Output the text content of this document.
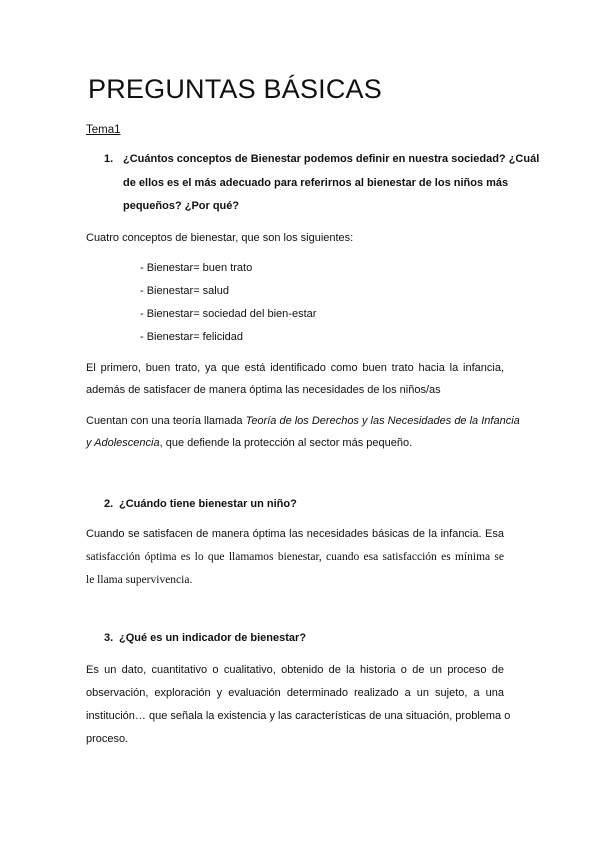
PREGUNTAS BÁSICAS
Tema1
1. ¿Cuántos conceptos de Bienestar podemos definir en nuestra sociedad? ¿Cuál
de ellos es el más adecuado para referirnos al bienestar de los niños más
pequeños? ¿Por qué?
Cuatro conceptos de bienestar, que son los siguientes:
- Bienestar= buen trato
- Bienestar= salud
- Bienestar= sociedad del bien-estar
- Bienestar= felicidad
El primero, buen trato, ya que está identificado como buen trato hacia la infancia,
además de satisfacer de manera óptima las necesidades de los niños/as
Cuentan con una teoría llamada Teoría de los Derechos y las Necesidades de la Infancia
y Adolescencia, que defiende la protección al sector más pequeño.
2. ¿Cuándo tiene bienestar un niño?
Cuando se satisfacen de manera óptima las necesidades básicas de la infancia. Esa
satisfacción óptima es lo que llamamos bienestar, cuando esa satisfacción es mínima se
le llama supervivencia.
3. ¿Qué es un indicador de bienestar?
Es un dato, cuantitativo o cualitativo, obtenido de la historia o de un proceso de
observación, exploración y evaluación determinado realizado a un sujeto, a una
institución… que señala la existencia y las características de una situación, problema o
proceso.
